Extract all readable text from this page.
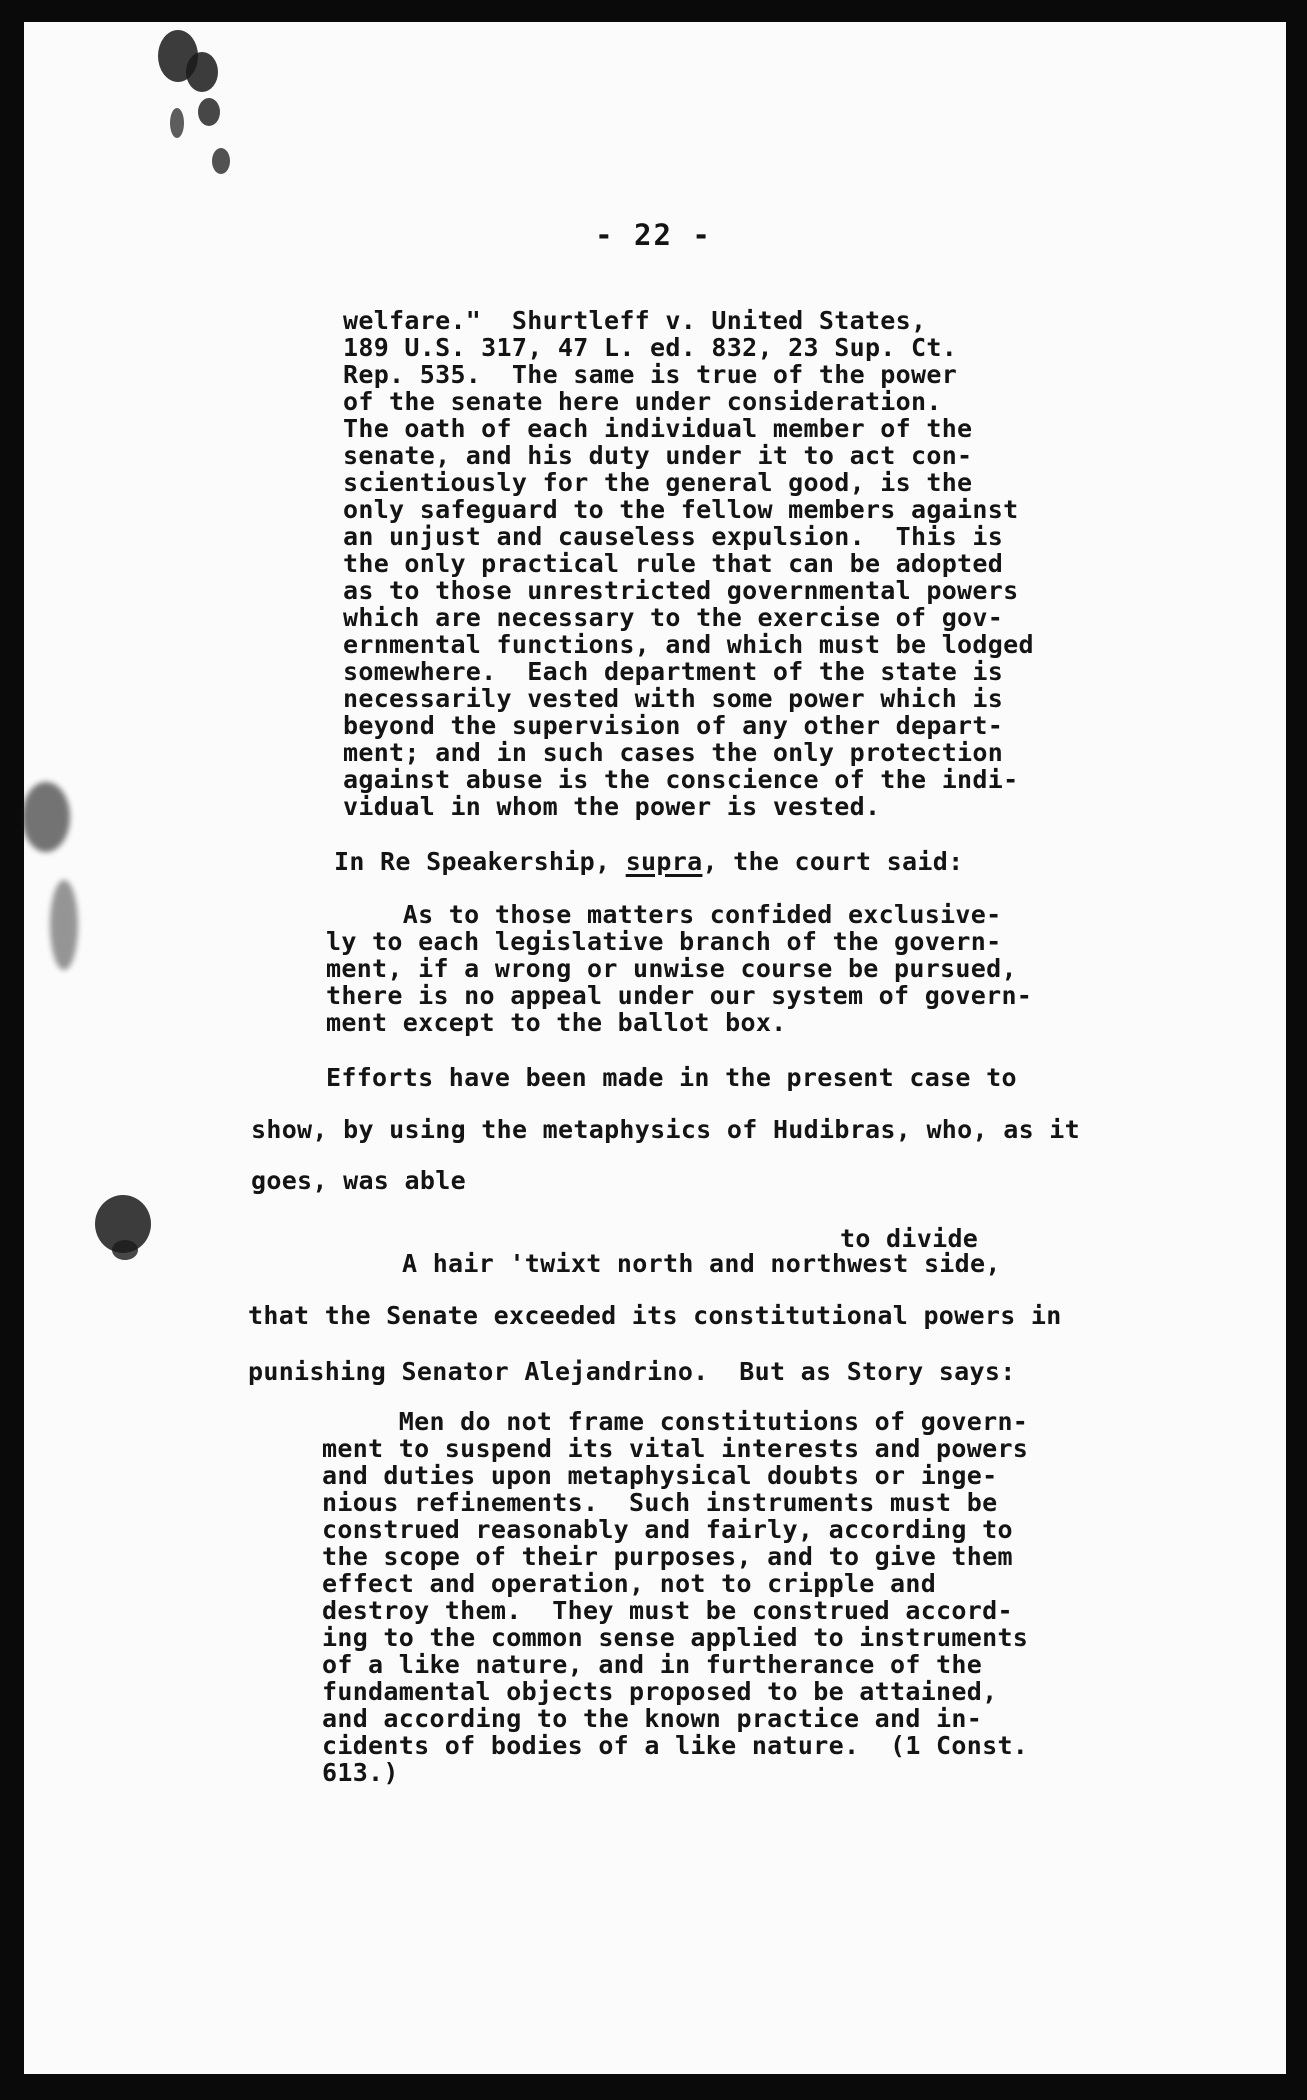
- 22 -
welfare."  Shurtleff v. United States,
189 U.S. 317, 47 L. ed. 832, 23 Sup. Ct.
Rep. 535.  The same is true of the power
of the senate here under consideration.
The oath of each individual member of the
senate, and his duty under it to act con-
scientiously for the general good, is the
only safeguard to the fellow members against
an unjust and causeless expulsion.  This is
the only practical rule that can be adopted
as to those unrestricted governmental powers
which are necessary to the exercise of gov-
ernmental functions, and which must be lodged
somewhere.  Each department of the state is
necessarily vested with some power which is
beyond the supervision of any other depart-
ment; and in such cases the only protection
against abuse is the conscience of the indi-
vidual in whom the power is vested.
In Re Speakership, supra, the court said:
As to those matters confided exclusive-
ly to each legislative branch of the govern-
ment, if a wrong or unwise course be pursued,
there is no appeal under our system of govern-
ment except to the ballot box.
Efforts have been made in the present case to
show, by using the metaphysics of Hudibras, who, as it
goes, was able
to divide
A hair 'twixt north and northwest side,
that the Senate exceeded its constitutional powers in
punishing Senator Alejandrino.  But as Story says:
Men do not frame constitutions of govern-
ment to suspend its vital interests and powers
and duties upon metaphysical doubts or inge-
nious refinements.  Such instruments must be
construed reasonably and fairly, according to
the scope of their purposes, and to give them
effect and operation, not to cripple and
destroy them.  They must be construed accord-
ing to the common sense applied to instruments
of a like nature, and in furtherance of the
fundamental objects proposed to be attained,
and according to the known practice and in-
cidents of bodies of a like nature.  (1 Const.
613.)
